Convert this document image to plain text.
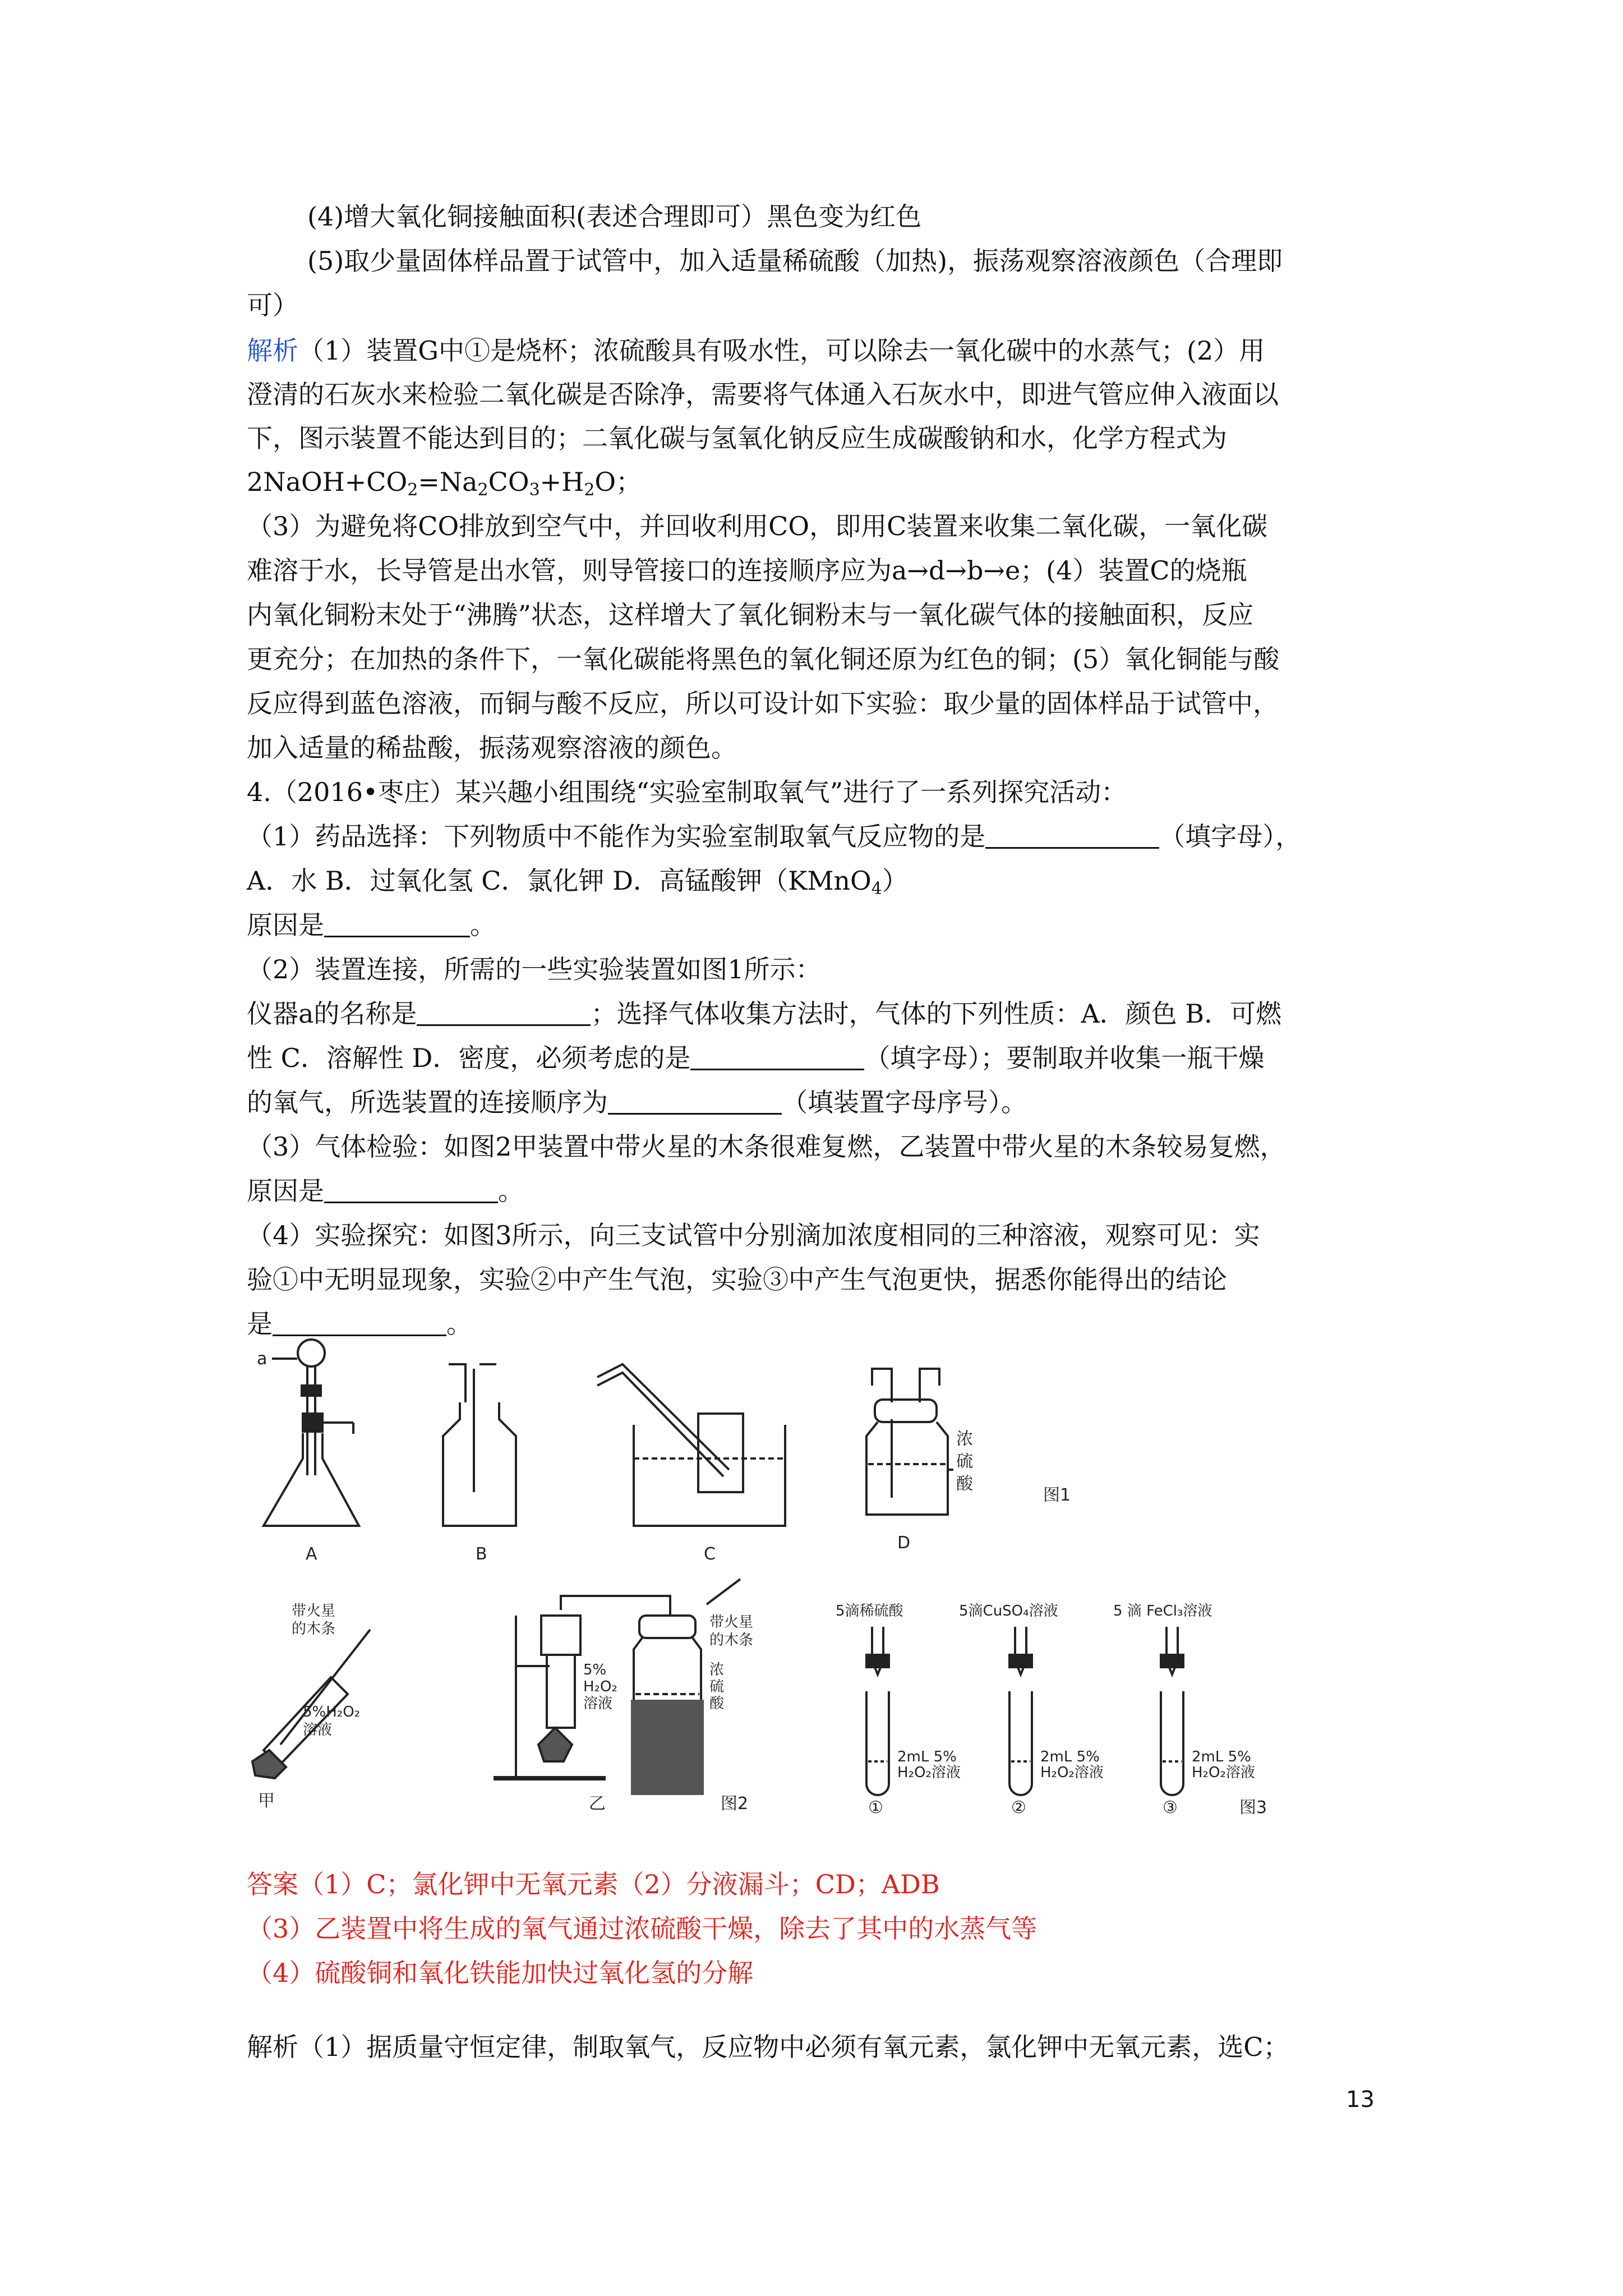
(4)增大氧化铜接触面积(表述合理即可）黑色变为红色
(5)取少量固体样品置于试管中，加入适量稀硫酸（加热)，振荡观察溶液颜色（合理即
可）
解析（1）装置G中①是烧杯；浓硫酸具有吸水性，可以除去一氧化碳中的水蒸气；(2）用
澄清的石灰水来检验二氧化碳是否除净，需要将气体通入石灰水中，即进气管应伸入液面以
下，图示装置不能达到目的；二氧化碳与氢氧化钠反应生成碳酸钠和水，化学方程式为
$2NaOH+CO_2=Na_2CO_3+H_2O$；
（3）为避免将CO排放到空气中，并回收利用CO，即用C装置来收集二氧化碳，一氧化碳
难溶于水，长导管是出水管，则导管接口的连接顺序应为a→d→b→e；(4）装置C的烧瓶
内氧化铜粉末处于“沸腾”状态，这样增大了氧化铜粉末与一氧化碳气体的接触面积，反应
更充分；在加热的条件下，一氧化碳能将黑色的氧化铜还原为红色的铜；(5）氧化铜能与酸
反应得到蓝色溶液，而铜与酸不反应，所以可设计如下实验：取少量的固体样品于试管中，
加入适量的稀盐酸，振荡观察溶液的颜色。
4.（2016•枣庄）某兴趣小组围绕“实验室制取氧气”进行了一系列探究活动：
（1）药品选择：下列物质中不能作为实验室制取氧气反应物的是	（填字母），
A．水 B．过氧化氢 C．氯化钾 D．高锰酸钾（KMnO$_4$）
原因是	。
（2）装置连接，所需的一些实验装置如图1所示：
仪器a的名称是	；选择气体收集方法时，气体的下列性质：A．颜色 B．可燃
性 C．溶解性 D．密度，必须考虑的是	（填字母）；要制取并收集一瓶干燥
的氧气，所选装置的连接顺序为	（填装置字母序号）。
（3）气体检验：如图2甲装置中带火星的木条很难复燃，乙装置中带火星的木条较易复燃，
原因是	。
（4）实验探究：如图3所示，向三支试管中分别滴加浓度相同的三种溶液，观察可见：实
验①中无明显现象，实验②中产生气泡，实验③中产生气泡更快，据悉你能得出的结论
是	。
a
A	B	C
浓
硫
酸
D
图1
带火星
的木条
5%H₂O₂
溶液
甲
5%
H₂O₂
溶液
带火星
的木条
浓
硫
酸
乙	图2
5滴稀硫酸
2mL 5%
H₂O₂溶液
①
5滴CuSO₄溶液
2mL 5%
H₂O₂溶液
②
5 滴 FeCl₃溶液
2mL 5%
H₂O₂溶液
③	图3
答案（1）C；氯化钾中无氧元素（2）分液漏斗；CD；ADB
（3）乙装置中将生成的氧气通过浓硫酸干燥，除去了其中的水蒸气等
（4）硫酸铜和氧化铁能加快过氧化氢的分解
解析（1）据质量守恒定律，制取氧气，反应物中必须有氧元素，氯化钾中无氧元素，选C；
13
